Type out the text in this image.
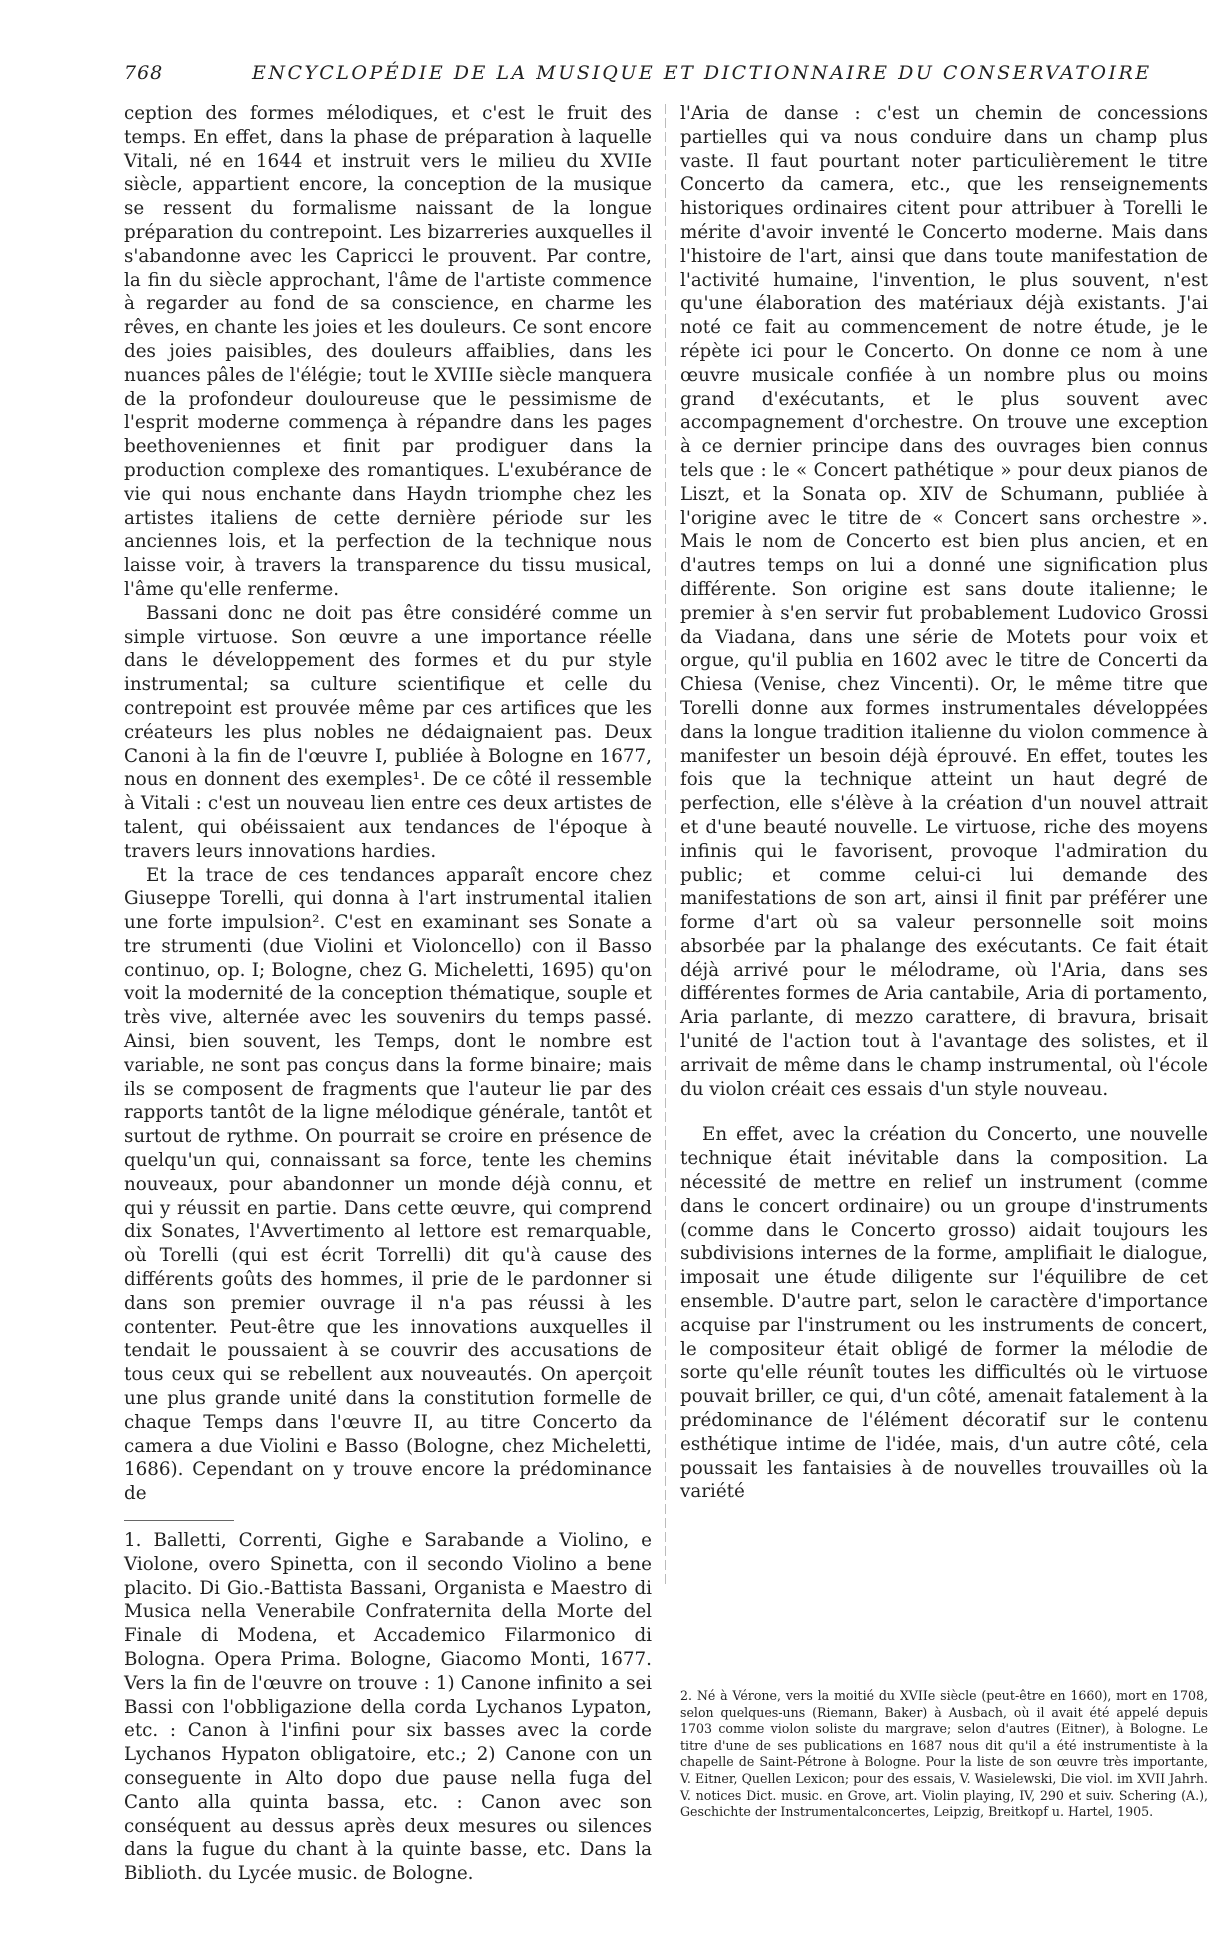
768	ENCYCLOPÉDIE DE LA MUSIQUE ET DICTIONNAIRE DU CONSERVATOIRE

ception des formes mélodiques, et c'est le fruit des temps. En effet, dans la phase de préparation à laquelle Vitali, né en 1644 et instruit vers le milieu du XVIIe siècle, appartient encore, la conception de la musique se ressent du formalisme naissant de la longue préparation du contrepoint. Les bizarreries auxquelles il s'abandonne avec les Capricci le prouvent. Par contre, la fin du siècle approchant, l'âme de l'artiste commence à regarder au fond de sa conscience, en charme les rêves, en chante les joies et les douleurs. Ce sont encore des joies paisibles, des douleurs affaiblies, dans les nuances pâles de l'élégie; tout le XVIIIe siècle manquera de la profondeur douloureuse que le pessimisme de l'esprit moderne commença à répandre dans les pages beethoveniennes et finit par prodiguer dans la production complexe des romantiques. L'exubérance de vie qui nous enchante dans Haydn triomphe chez les artistes italiens de cette dernière période sur les anciennes lois, et la perfection de la technique nous laisse voir, à travers la transparence du tissu musical, l'âme qu'elle renferme.

Bassani donc ne doit pas être considéré comme un simple virtuose. Son œuvre a une importance réelle dans le développement des formes et du pur style instrumental; sa culture scientifique et celle du contrepoint est prouvée même par ces artifices que les créateurs les plus nobles ne dédaignaient pas. Deux Canoni à la fin de l'œuvre I, publiée à Bologne en 1677, nous en donnent des exemples¹. De ce côté il ressemble à Vitali : c'est un nouveau lien entre ces deux artistes de talent, qui obéissaient aux tendances de l'époque à travers leurs innovations hardies.

Et la trace de ces tendances apparaît encore chez Giuseppe Torelli, qui donna à l'art instrumental italien une forte impulsion². C'est en examinant ses Sonate a tre strumenti (due Violini et Violoncello) con il Basso continuo, op. I; Bologne, chez G. Micheletti, 1695) qu'on voit la modernité de la conception thématique, souple et très vive, alternée avec les souvenirs du temps passé. Ainsi, bien souvent, les Temps, dont le nombre est variable, ne sont pas conçus dans la forme binaire; mais ils se composent de fragments que l'auteur lie par des rapports tantôt de la ligne mélodique générale, tantôt et surtout de rythme. On pourrait se croire en présence de quelqu'un qui, connaissant sa force, tente les chemins nouveaux, pour abandonner un monde déjà connu, et qui y réussit en partie. Dans cette œuvre, qui comprend dix Sonates, l'Avvertimento al lettore est remarquable, où Torelli (qui est écrit Torrelli) dit qu'à cause des différents goûts des hommes, il prie de le pardonner si dans son premier ouvrage il n'a pas réussi à les contenter. Peut-être que les innovations auxquelles il tendait le poussaient à se couvrir des accusations de tous ceux qui se rebellent aux nouveautés. On aperçoit une plus grande unité dans la constitution formelle de chaque Temps dans l'œuvre II, au titre Concerto da camera a due Violini e Basso (Bologne, chez Micheletti, 1686). Cependant on y trouve encore la prédominance de

1. Balletti, Correnti, Gighe e Sarabande a Violino, e Violone, overo Spinetta, con il secondo Violino a bene placito. Di Gio.-Battista Bassani, Organista e Maestro di Musica nella Venerabile Confraternita della Morte del Finale di Modena, et Accademico Filarmonico di Bologna. Opera Prima. Bologne, Giacomo Monti, 1677. Vers la fin de l'œuvre on trouve : 1) Canone infinito a sei Bassi con l'obbligazione della corda Lychanos Lypaton, etc. : Canon à l'infini pour six basses avec la corde Lychanos Hypaton obligatoire, etc.; 2) Canone con un conseguente in Alto dopo due pause nella fuga del Canto alla quinta bassa, etc. : Canon avec son conséquent au dessus après deux mesures ou silences dans la fugue du chant à la quinte basse, etc. Dans la Biblioth. du Lycée music. de Bologne.

l'Aria de danse : c'est un chemin de concessions partielles qui va nous conduire dans un champ plus vaste. Il faut pourtant noter particulièrement le titre Concerto da camera, etc., que les renseignements historiques ordinaires citent pour attribuer à Torelli le mérite d'avoir inventé le Concerto moderne. Mais dans l'histoire de l'art, ainsi que dans toute manifestation de l'activité humaine, l'invention, le plus souvent, n'est qu'une élaboration des matériaux déjà existants. J'ai noté ce fait au commencement de notre étude, je le répète ici pour le Concerto. On donne ce nom à une œuvre musicale confiée à un nombre plus ou moins grand d'exécutants, et le plus souvent avec accompagnement d'orchestre. On trouve une exception à ce dernier principe dans des ouvrages bien connus tels que : le « Concert pathétique » pour deux pianos de Liszt, et la Sonata op. XIV de Schumann, publiée à l'origine avec le titre de « Concert sans orchestre ». Mais le nom de Concerto est bien plus ancien, et en d'autres temps on lui a donné une signification plus différente. Son origine est sans doute italienne; le premier à s'en servir fut probablement Ludovico Grossi da Viadana, dans une série de Motets pour voix et orgue, qu'il publia en 1602 avec le titre de Concerti da Chiesa (Venise, chez Vincenti). Or, le même titre que Torelli donne aux formes instrumentales développées dans la longue tradition italienne du violon commence à manifester un besoin déjà éprouvé. En effet, toutes les fois que la technique atteint un haut degré de perfection, elle s'élève à la création d'un nouvel attrait et d'une beauté nouvelle. Le virtuose, riche des moyens infinis qui le favorisent, provoque l'admiration du public; et comme celui-ci lui demande des manifestations de son art, ainsi il finit par préférer une forme d'art où sa valeur personnelle soit moins absorbée par la phalange des exécutants. Ce fait était déjà arrivé pour le mélodrame, où l'Aria, dans ses différentes formes de Aria cantabile, Aria di portamento, Aria parlante, di mezzo carattere, di bravura, brisait l'unité de l'action tout à l'avantage des solistes, et il arrivait de même dans le champ instrumental, où l'école du violon créait ces essais d'un style nouveau.

En effet, avec la création du Concerto, une nouvelle technique était inévitable dans la composition. La nécessité de mettre en relief un instrument (comme dans le concert ordinaire) ou un groupe d'instruments (comme dans le Concerto grosso) aidait toujours les subdivisions internes de la forme, amplifiait le dialogue, imposait une étude diligente sur l'équilibre de cet ensemble. D'autre part, selon le caractère d'importance acquise par l'instrument ou les instruments de concert, le compositeur était obligé de former la mélodie de sorte qu'elle réunît toutes les difficultés où le virtuose pouvait briller, ce qui, d'un côté, amenait fatalement à la prédominance de l'élément décoratif sur le contenu esthétique intime de l'idée, mais, d'un autre côté, cela poussait les fantaisies à de nouvelles trouvailles où la variété

2. Né à Vérone, vers la moitié du XVIIe siècle (peut-être en 1660), mort en 1708, selon quelques-uns (Riemann, Baker) à Ausbach, où il avait été appelé depuis 1703 comme violon soliste du margrave; selon d'autres (Eitner), à Bologne. Le titre d'une de ses publications en 1687 nous dit qu'il a été instrumentiste à la chapelle de Saint-Pétrone à Bologne. Pour la liste de son œuvre très importante, V. Eitner, Quellen Lexicon; pour des essais, V. Wasielewski, Die viol. im XVII Jahrh. V. notices Dict. music. en Grove, art. Violin playing, IV, 290 et suiv. Schering (A.), Geschichte der Instrumentalconcertes, Leipzig, Breitkopf u. Hartel, 1905.
